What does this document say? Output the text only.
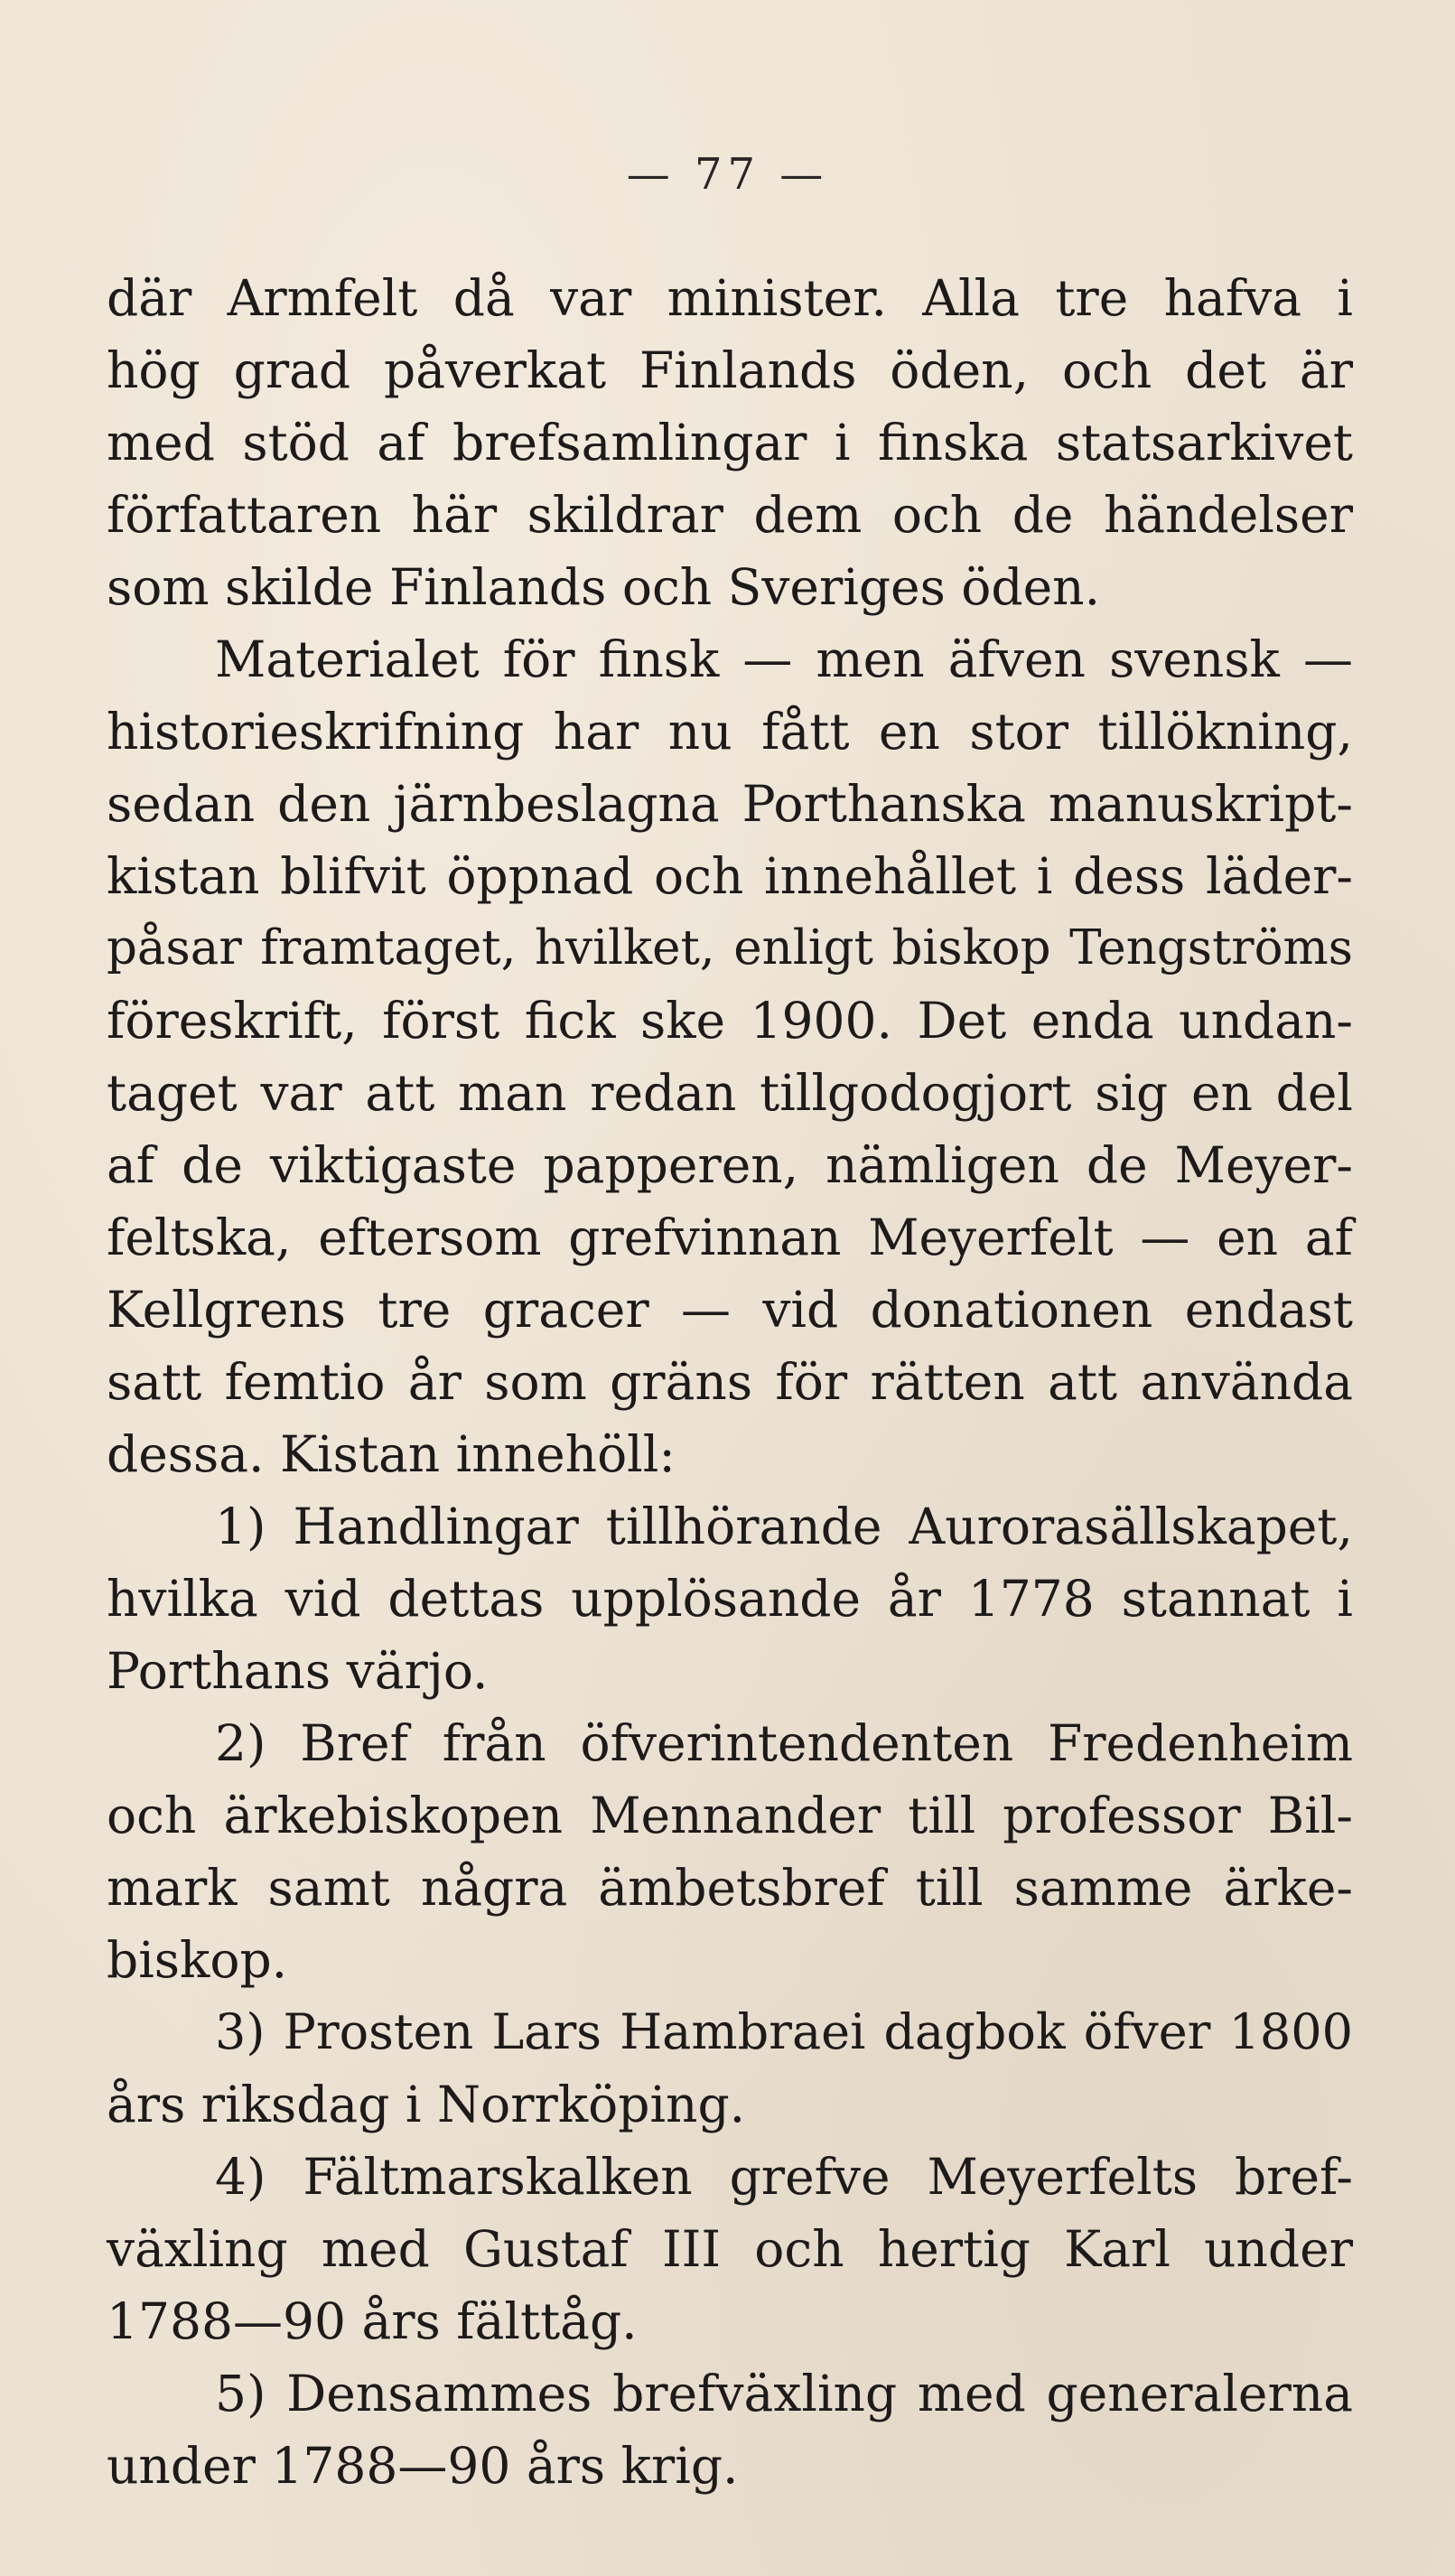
— 77 —
där Armfelt då var minister. Alla tre hafva i
hög grad påverkat Finlands öden, och det är
med stöd af brefsamlingar i finska statsarkivet
författaren här skildrar dem och de händelser
som skilde Finlands och Sveriges öden.
Materialet för finsk — men äfven svensk —
historieskrifning har nu fått en stor tillökning,
sedan den järnbeslagna Porthanska manuskript-
kistan blifvit öppnad och innehållet i dess läder-
påsar framtaget, hvilket, enligt biskop Tengströms
föreskrift, först fick ske 1900. Det enda undan-
taget var att man redan tillgodogjort sig en del
af de viktigaste papperen, nämligen de Meyer-
feltska, eftersom grefvinnan Meyerfelt — en af
Kellgrens tre gracer — vid donationen endast
satt femtio år som gräns för rätten att använda
dessa. Kistan innehöll:
1) Handlingar tillhörande Aurorasällskapet,
hvilka vid dettas upplösande år 1778 stannat i
Porthans värjo.
2) Bref från öfverintendenten Fredenheim
och ärkebiskopen Mennander till professor Bil-
mark samt några ämbetsbref till samme ärke-
biskop.
3) Prosten Lars Hambraei dagbok öfver 1800
års riksdag i Norrköping.
4) Fältmarskalken grefve Meyerfelts bref-
växling med Gustaf III och hertig Karl under
1788—90 års fälttåg.
5) Densammes brefväxling med generalerna
under 1788—90 års krig.
